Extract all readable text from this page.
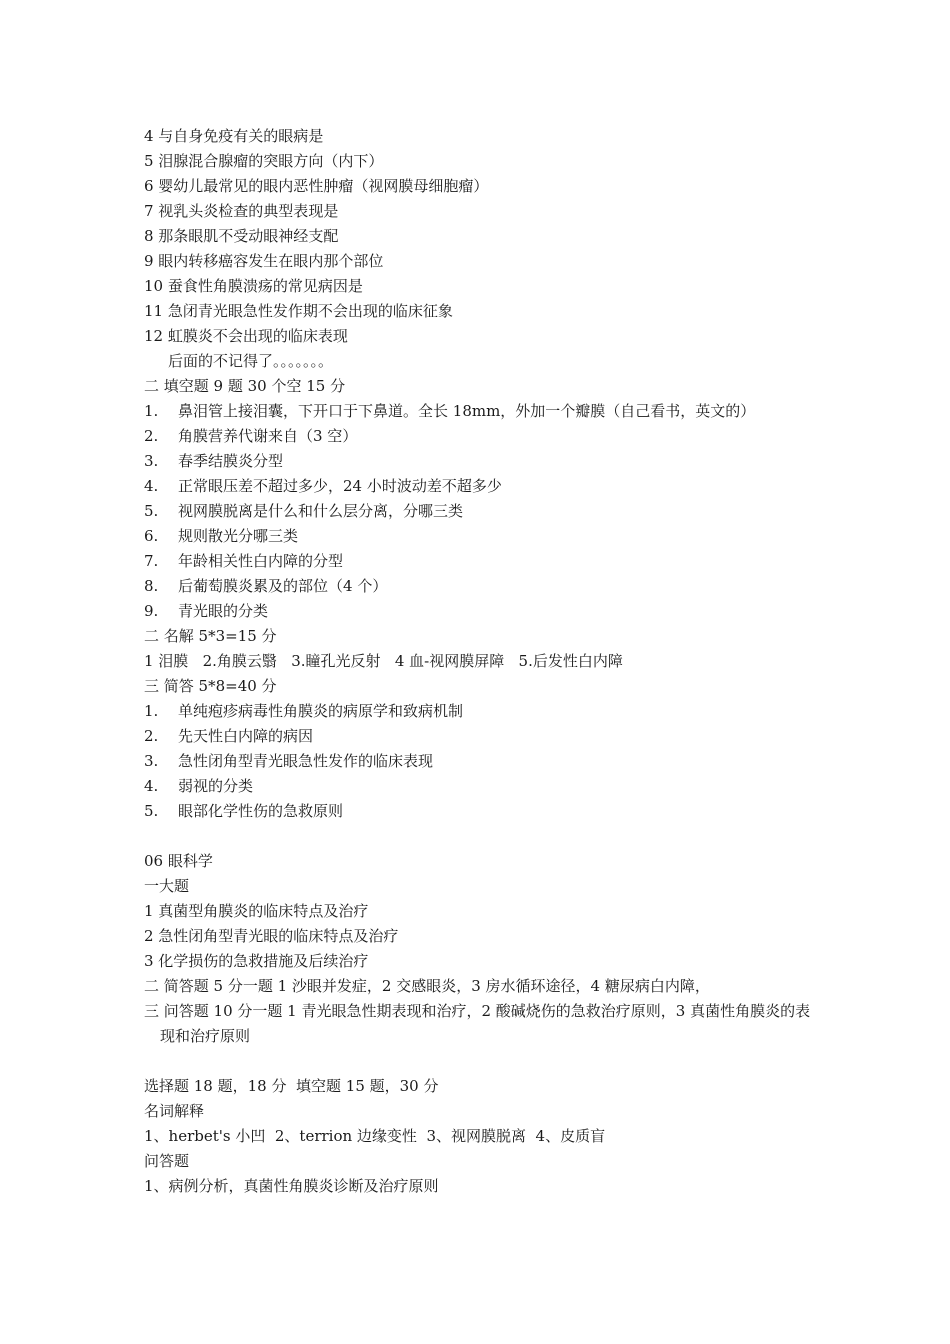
4 与自身免疫有关的眼病是
5 泪腺混合腺瘤的突眼方向（内下）
6 婴幼儿最常见的眼内恶性肿瘤（视网膜母细胞瘤）
7 视乳头炎检查的典型表现是
8 那条眼肌不受动眼神经支配
9 眼内转移癌容发生在眼内那个部位
10 蚕食性角膜溃疡的常见病因是
11 急闭青光眼急性发作期不会出现的临床征象
12 虹膜炎不会出现的临床表现
后面的不记得了。。。。。。。
二 填空题 9 题 30 个空 15 分
1.	鼻泪管上接泪囊，下开口于下鼻道。全长 18mm，外加一个瓣膜（自己看书，英文的）
2.	角膜营养代谢来自（3 空）
3.	春季结膜炎分型
4.	正常眼压差不超过多少，24 小时波动差不超多少
5.	视网膜脱离是什么和什么层分离，分哪三类
6.	规则散光分哪三类
7.	年龄相关性白内障的分型
8.	后葡萄膜炎累及的部位（4 个）
9.	青光眼的分类
二 名解 5*3=15 分
1 泪膜   2.角膜云翳   3.瞳孔光反射   4 血-视网膜屏障   5.后发性白内障
三 简答 5*8=40 分
1.	单纯疱疹病毒性角膜炎的病原学和致病机制
2.	先天性白内障的病因
3.	急性闭角型青光眼急性发作的临床表现
4.	弱视的分类
5.	眼部化学性伤的急救原则
06 眼科学
一大题
1 真菌型角膜炎的临床特点及治疗
2 急性闭角型青光眼的临床特点及治疗
3 化学损伤的急救措施及后续治疗
二 简答题 5 分一题 1 沙眼并发症，2 交感眼炎，3 房水循环途径，4 糖尿病白内障，
三 问答题 10 分一题 1 青光眼急性期表现和治疗，2 酸碱烧伤的急救治疗原则，3 真菌性角膜炎的表现和治疗原则
选择题 18 题，18 分  填空题 15 题，30 分
名词解释
1、herbet's 小凹  2、terrion 边缘变性  3、视网膜脱离  4、皮质盲
问答题
1、病例分析，真菌性角膜炎诊断及治疗原则
